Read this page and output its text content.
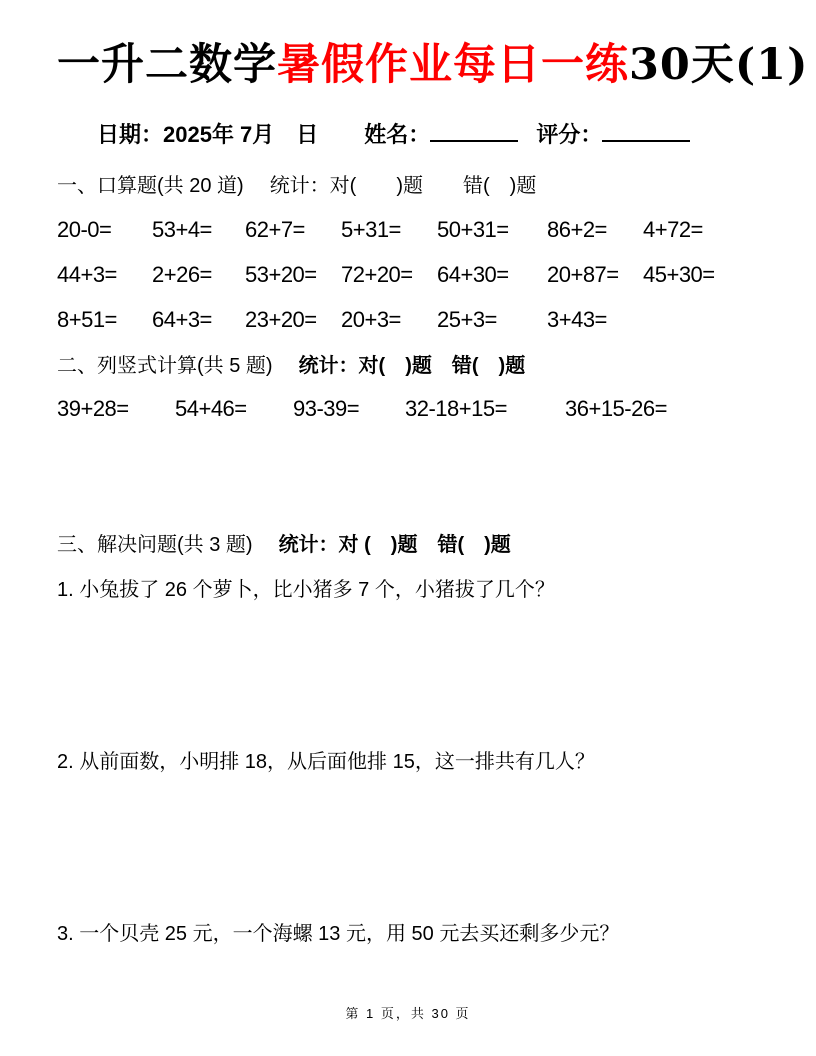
一升二数学暑假作业每日一练30天(1)
日期：2025年 7月　日 姓名：	评分：
一、口算题(共 20 道) 统计：对(　　)题　　错(　)题
20-0=	53+4=	62+7=	5+31=	50+31=	86+2=	4+72=
44+3=	2+26=	53+20=	72+20=	64+30=	20+87=	45+30=
8+51=	64+3=	23+20=	20+3=	25+3=	3+43=
二、列竖式计算(共 5 题) 统计：对(　)题　错(　)题
39+28=	54+46=	93-39=	32-18+15=	36+15-26=
三、解决问题(共 3 题) 统计：对 (　)题　错(　)题
1. 小兔拔了 26 个萝卜，比小猪多 7 个，小猪拔了几个？
2. 从前面数，小明排 18，从后面他排 15，这一排共有几人？
3. 一个贝壳 25 元，一个海螺 13 元，用 50 元去买还剩多少元？
第 1 页，共 30 页
